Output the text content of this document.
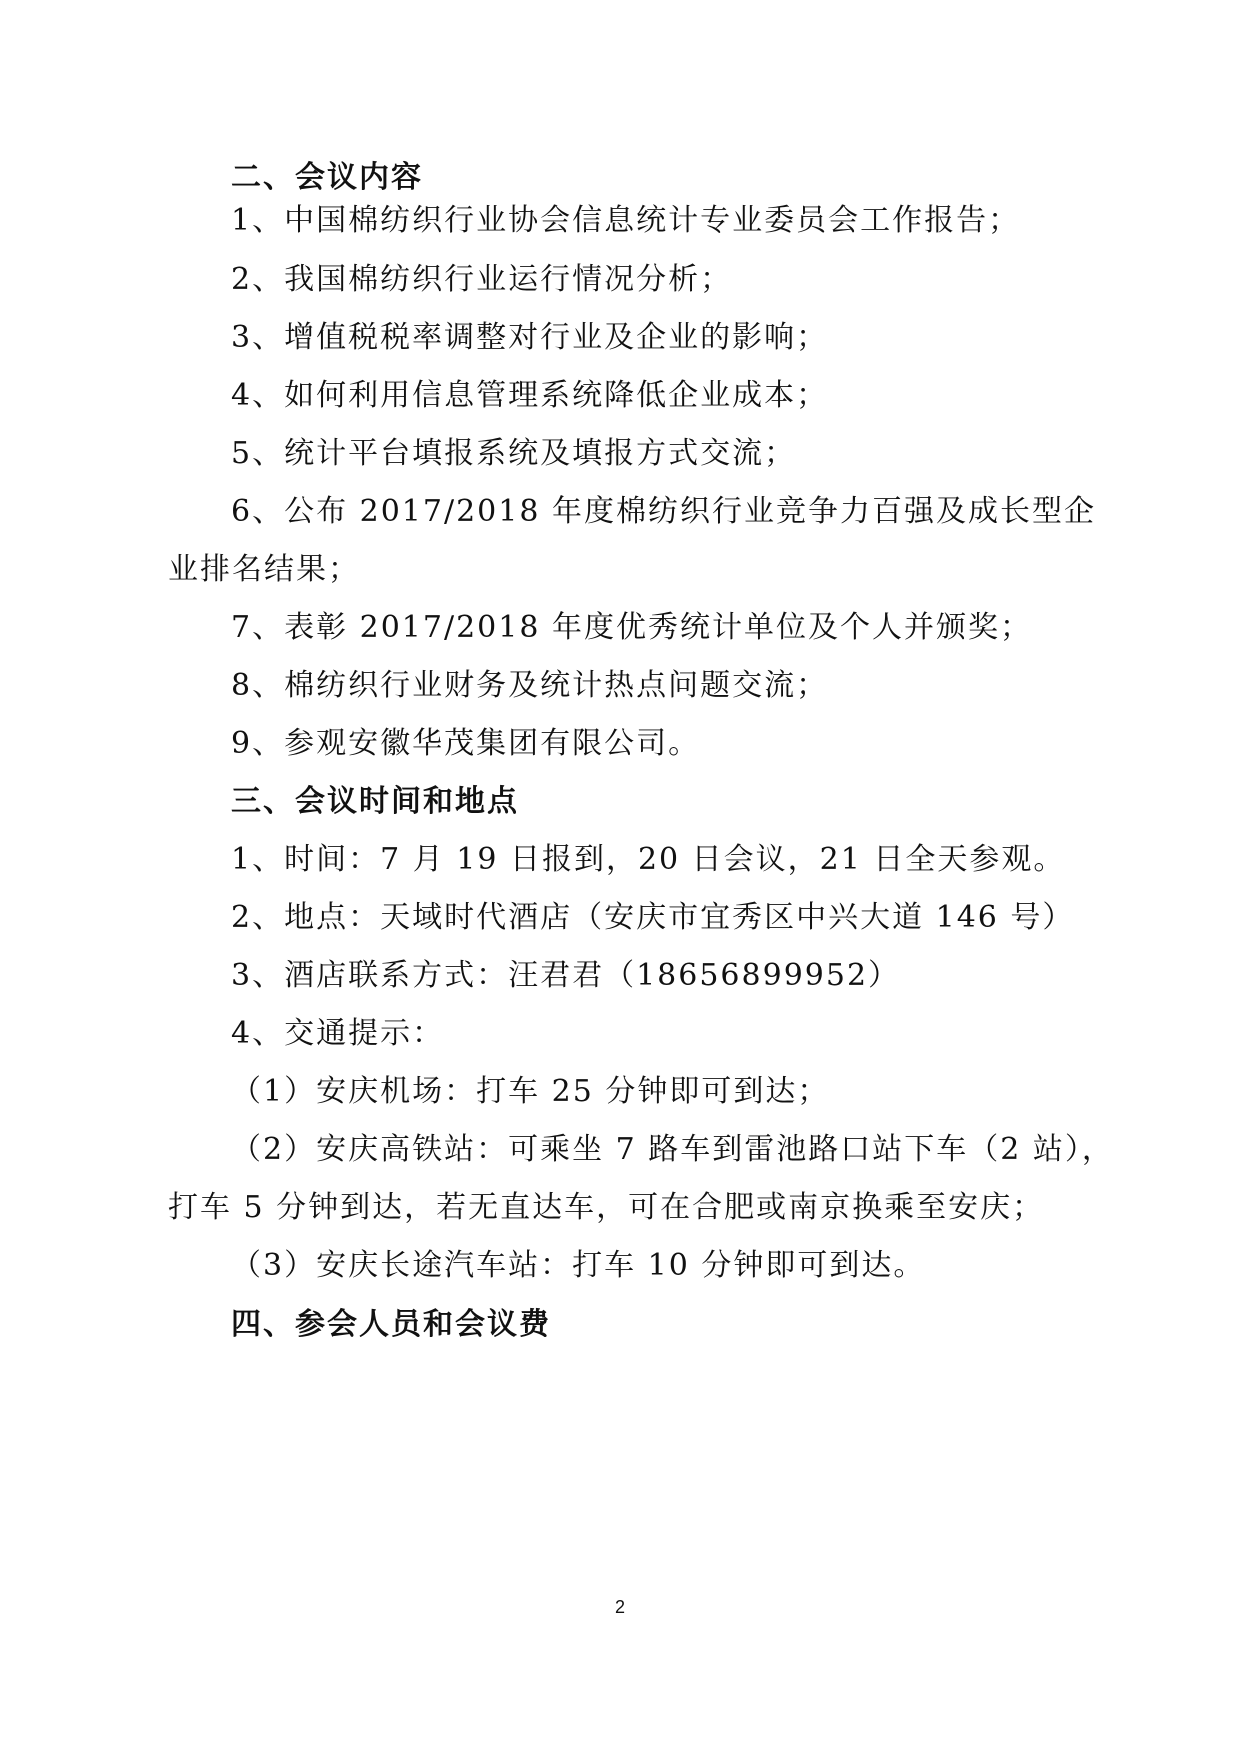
二、会议内容
1、中国棉纺织行业协会信息统计专业委员会工作报告；
2、我国棉纺织行业运行情况分析；
3、增值税税率调整对行业及企业的影响；
4、如何利用信息管理系统降低企业成本；
5、统计平台填报系统及填报方式交流；
6、公布 2017/2018 年度棉纺织行业竞争力百强及成长型企
业排名结果；
7、表彰 2017/2018 年度优秀统计单位及个人并颁奖；
8、棉纺织行业财务及统计热点问题交流；
9、参观安徽华茂集团有限公司。
三、会议时间和地点
1、时间：7 月 19 日报到，20 日会议，21 日全天参观。
2、地点：天域时代酒店（安庆市宜秀区中兴大道 146 号）
3、酒店联系方式：汪君君（18656899952）
4、交通提示：
（1）安庆机场：打车 25 分钟即可到达；
（2）安庆高铁站：可乘坐 7 路车到雷池路口站下车（2 站），
打车 5 分钟到达，若无直达车，可在合肥或南京换乘至安庆；
（3）安庆长途汽车站：打车 10 分钟即可到达。
四、参会人员和会议费
2
